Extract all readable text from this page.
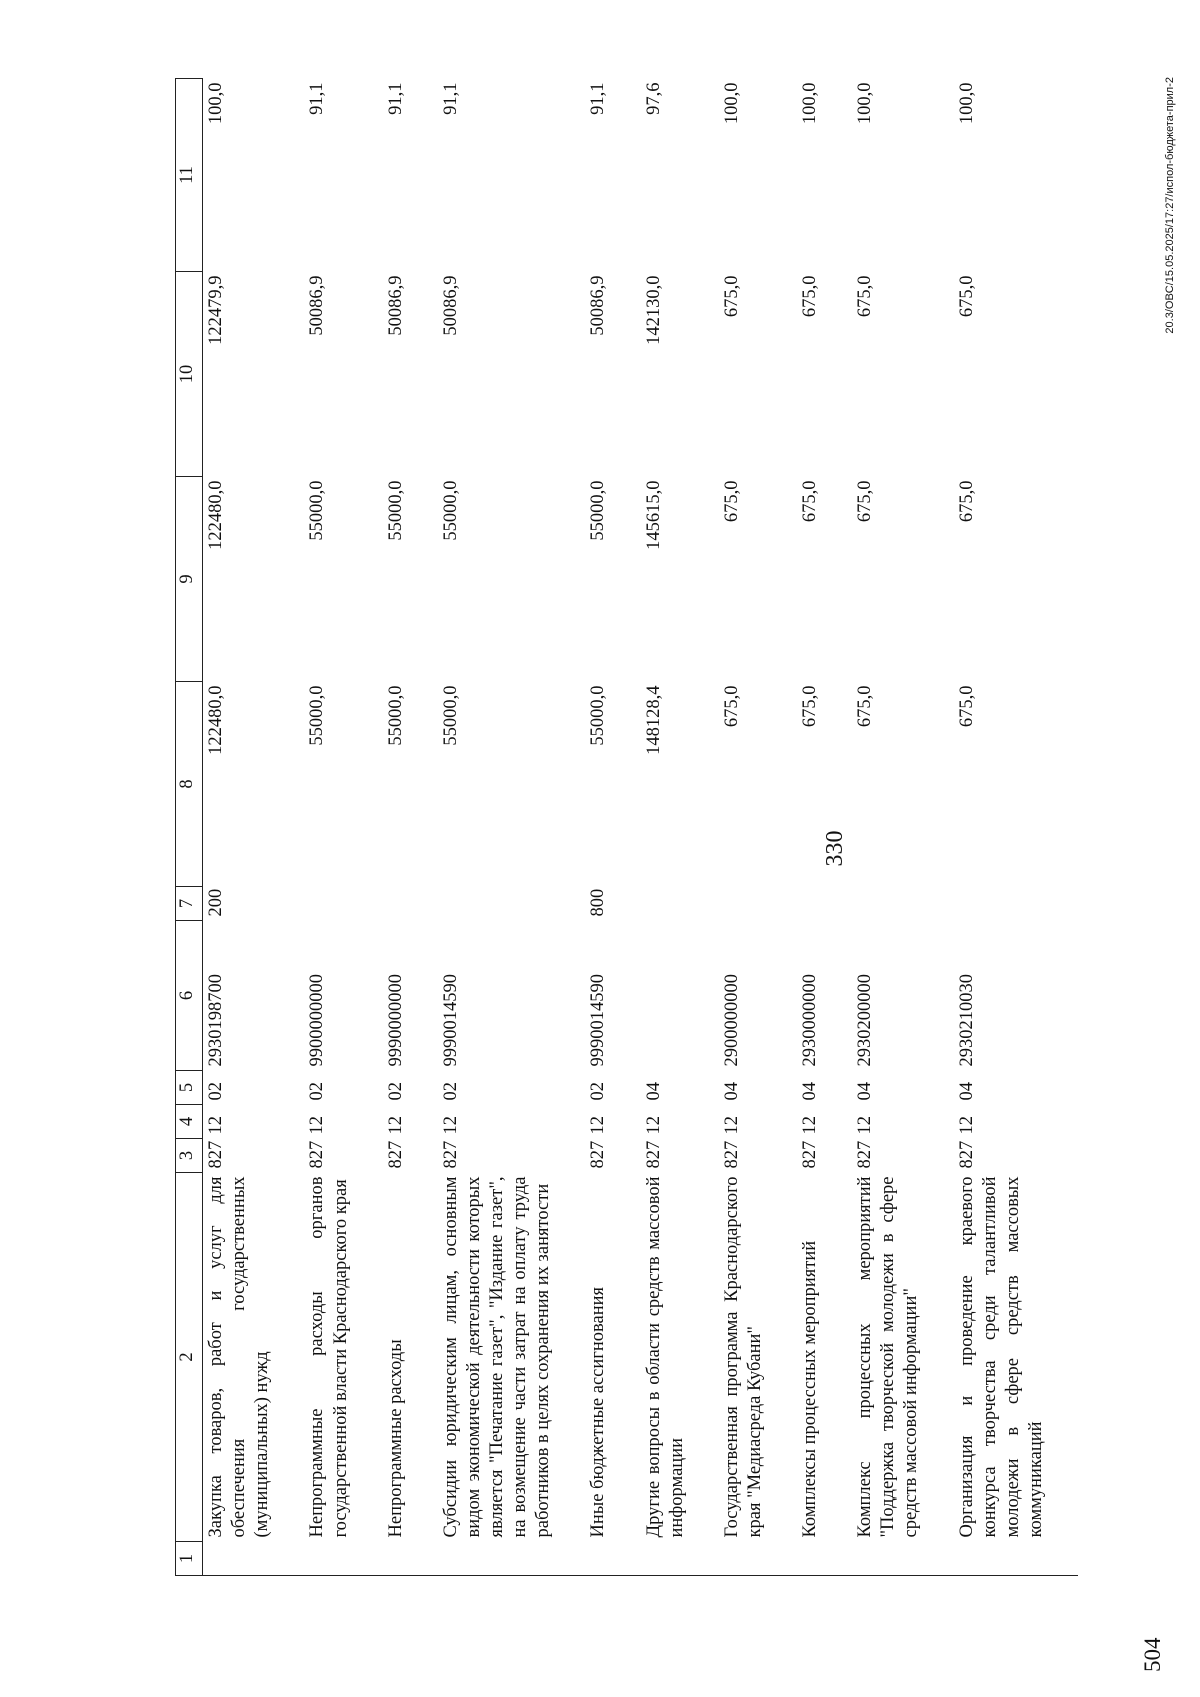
330
1	2	3	4	5	6	7	8	9	10	11
	Закупка товаров, работ и услуг для обеспечения государственных (муниципальных) нужд	827	12	02	2930198700	200	122480,0	122480,0	122479,9	100,0
	Непрограммные расходы органов государственной власти Краснодарского края	827	12	02	9900000000		55000,0	55000,0	50086,9	91,1
	Непрограммные расходы	827	12	02	9990000000		55000,0	55000,0	50086,9	91,1
	Субсидии юридическим лицам, основным видом экономической деятельности которых является "Печатание газет", "Издание газет", на возмещение части затрат на оплату труда работников в целях сохранения их занятости	827	12	02	9990014590		55000,0	55000,0	50086,9	91,1
	Иные бюджетные ассигнования	827	12	02	9990014590	800	55000,0	55000,0	50086,9	91,1
	Другие вопросы в области средств массовой информации	827	12	04			148128,4	145615,0	142130,0	97,6
	Государственная программа Краснодарского края "Медиасреда Кубани"	827	12	04	2900000000		675,0	675,0	675,0	100,0
	Комплексы процессных мероприятий	827	12	04	2930000000		675,0	675,0	675,0	100,0
	Комплекс процессных мероприятий "Поддержка творческой молодежи в сфере средств массовой информации"	827	12	04	2930200000		675,0	675,0	675,0	100,0
	Организация и проведение краевого конкурса творчества среди талантливой молодежи в сфере средств массовых коммуникаций	827	12	04	2930210030		675,0	675,0	675,0	100,0	20.3/OBC/15.05.2025/17:27/испол-бюджета-прил-2
504
